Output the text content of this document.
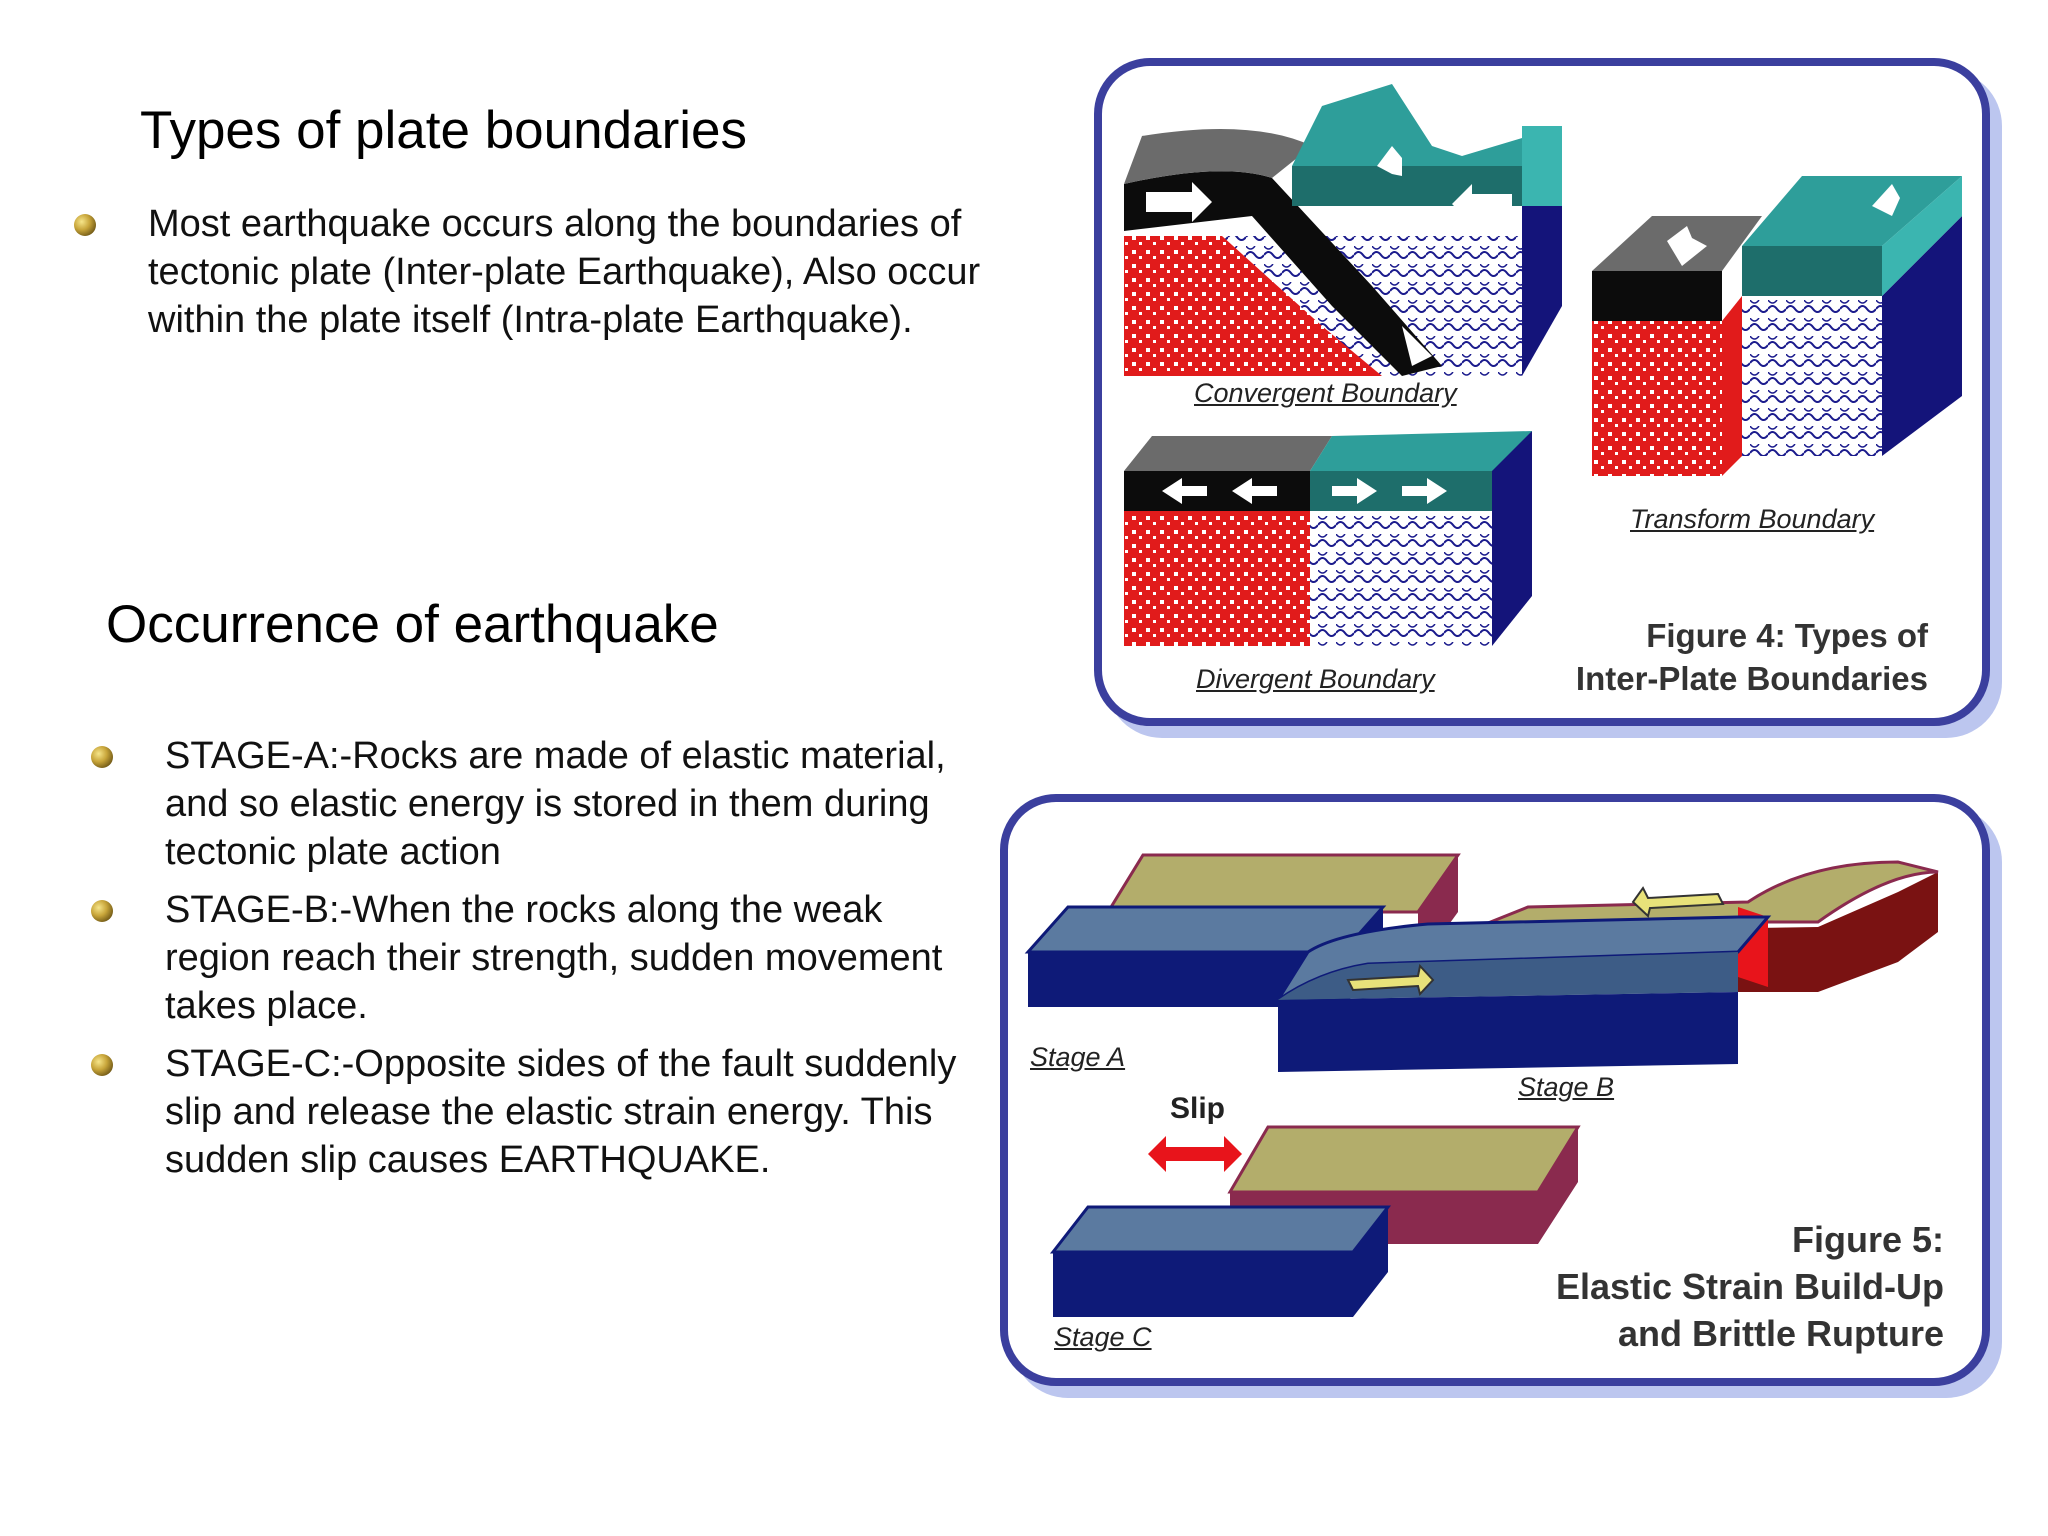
Types of plate boundaries
Most earthquake occurs along the boundaries of tectonic plate (Inter-plate Earthquake), Also occur within the plate itself (Intra-plate Earthquake).
Occurrence of earthquake
STAGE-A:-Rocks are made of elastic material, and so elastic energy is stored in them during tectonic plate action
STAGE-B:-When the rocks along the weak region reach their strength, sudden movement takes place.
STAGE-C:-Opposite sides of the fault suddenly slip and release the elastic strain energy. This sudden slip causes EARTHQUAKE.
Convergent Boundary
Transform Boundary
Divergent Boundary
Figure 4: Types of
Inter-Plate Boundaries
Stage A
Stage B
Stage C
Slip
Figure 5:
Elastic Strain Build-Up
and Brittle Rupture
